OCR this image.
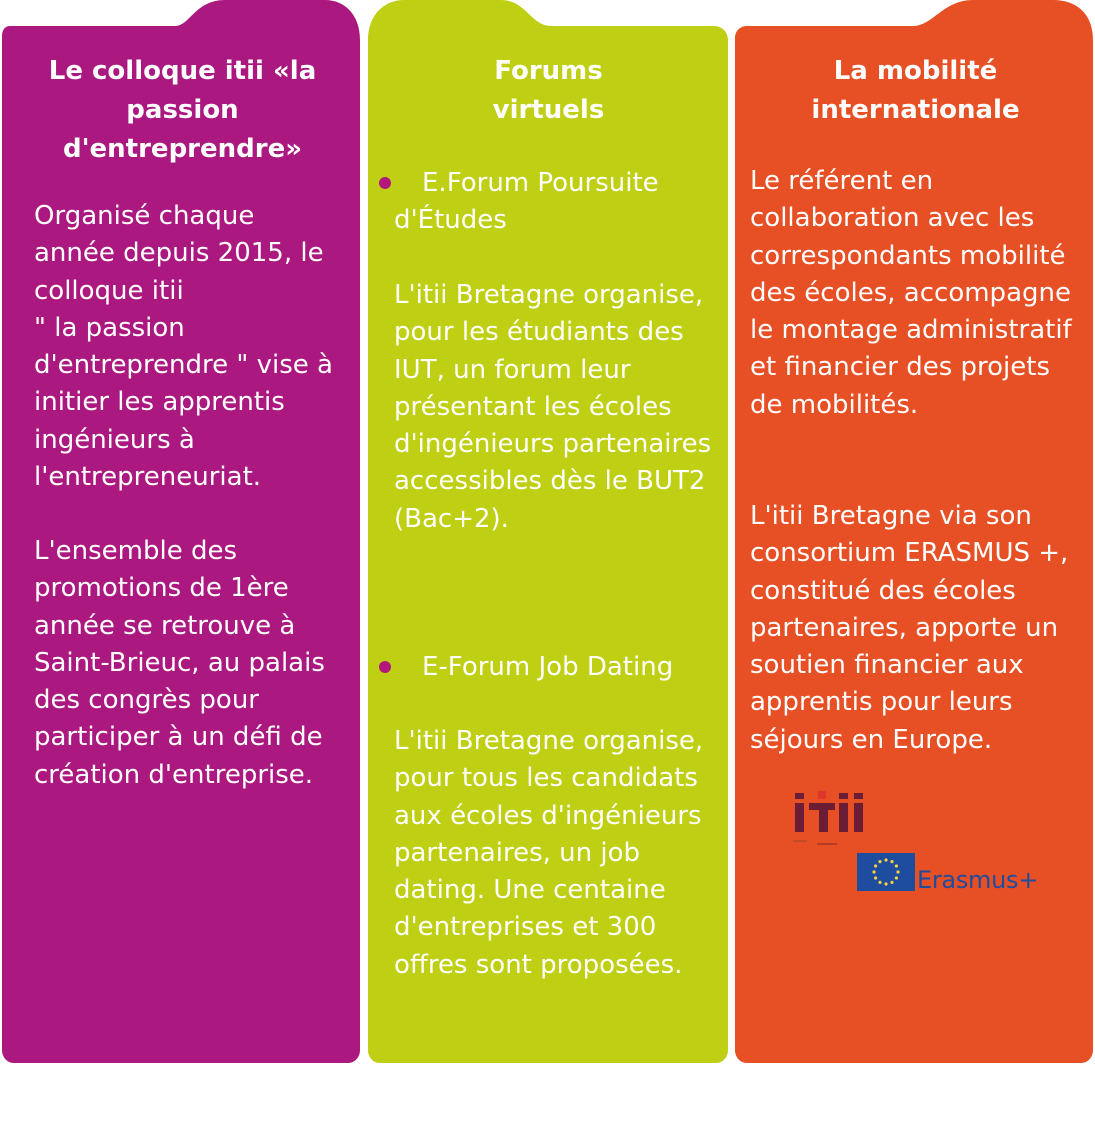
Le colloque itii «la passion d'entreprendre»
Organisé chaque année depuis 2015, le colloque itii
" la passion d'entreprendre " vise à initier les apprentis ingénieurs à l'entrepreneuriat.
L'ensemble des promotions de 1ère année se retrouve à Saint-Brieuc, au palais des congrès pour participer à un défi de création d'entreprise.
Forums virtuels
E.Forum Poursuite d'Études
L'itii Bretagne organise, pour les étudiants des IUT, un forum leur présentant les écoles d'ingénieurs partenaires accessibles dès le BUT2 (Bac+2).
E-Forum Job Dating
L'itii Bretagne organise, pour tous les candidats aux écoles d'ingénieurs partenaires, un job dating. Une centaine d'entreprises et 300 offres sont proposées.
La mobilité internationale
Le référent en collaboration avec les correspondants mobilité des écoles, accompagne le montage administratif et financier des projets de mobilités.
L'itii Bretagne via son consortium ERASMUS +, constitué des écoles partenaires, apporte un soutien financier aux apprentis pour leurs séjours en Europe.
Erasmus+
